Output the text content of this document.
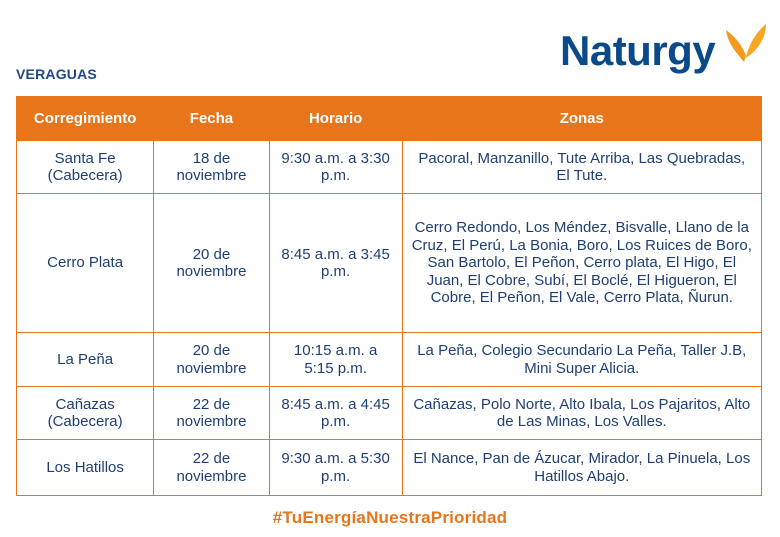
VERAGUAS	Naturgy
Corregimiento	Fecha	Horario	Zonas
Santa Fe (Cabecera)	18 de noviembre	9:30 a.m. a 3:30 p.m.	Pacoral, Manzanillo, Tute Arriba, Las Quebradas, El Tute.
Cerro Plata	20 de noviembre	8:45 a.m. a 3:45 p.m.	Cerro Redondo, Los Méndez, Bisvalle, Llano de la Cruz, El Perú, La Bonia, Boro, Los Ruices de Boro, San Bartolo, El Peñon, Cerro plata, El Higo, El Juan, El Cobre, Subí, El Boclé, El Higueron, El Cobre, El Peñon, El Vale, Cerro Plata, Ñurun.
La Peña	20 de noviembre	10:15 a.m. a 5:15 p.m.	La Peña, Colegio Secundario La Peña, Taller J.B, Mini Super Alicia.
Cañazas (Cabecera)	22 de noviembre	8:45 a.m. a 4:45 p.m.	Cañazas, Polo Norte, Alto Ibala, Los Pajaritos, Alto de Las Minas, Los Valles.
Los Hatillos	22 de noviembre	9:30 a.m. a 5:30 p.m.	El Nance, Pan de Ázucar, Mirador, La Pinuela, Los Hatillos Abajo.
#TuEnergíaNuestraPrioridad
